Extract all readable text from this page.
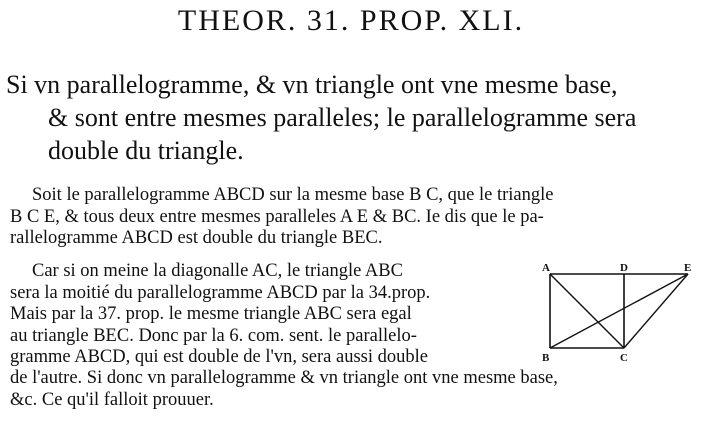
THEOR. 31. PROP. XLI.
Si vn parallelogramme, & vn triangle ont vne mesme base,
& sont entre mesmes paralleles; le parallelogramme sera
double du triangle.
Soit le parallelogramme ABCD sur la mesme base B C, que le triangle
B C E, & tous deux entre mesmes paralleles A E & BC. Ie dis que le pa-
rallelogramme ABCD est double du triangle BEC.
Car si on meine la diagonalle AC, le triangle ABC
sera la moitié du parallelogramme ABCD par la 34.prop.
Mais par la 37. prop. le mesme triangle ABC sera egal
au triangle BEC. Donc par la 6. com. sent. le parallelo-
gramme ABCD, qui est double de l'vn, sera aussi double
de l'autre. Si donc vn parallelogramme & vn triangle ont vne mesme base,
&c. Ce qu'il falloit prouuer.
A	D	E
B	C
